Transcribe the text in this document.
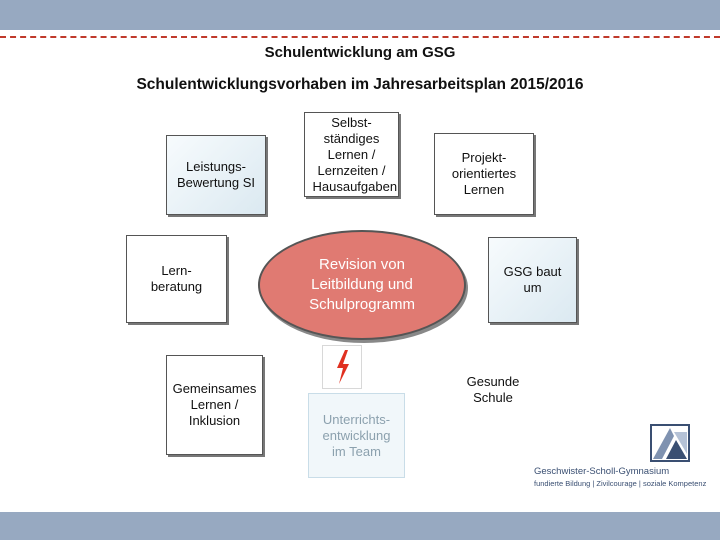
Schulentwicklung am GSG
Schulentwicklungsvorhaben im Jahresarbeitsplan 2015/2016
Leistungs-Bewertung SI
Selbst-ständiges Lernen / Lernzeiten / Hausaufgaben
Projekt-orientiertes Lernen
Lern-beratung
Revision von Leitbildung und Schulprogramm
GSG baut um
Gemeinsames Lernen / Inklusion	Unterrichts-entwicklung im Team
Gesunde Schule
Geschwister-Scholl-Gymnasium
fundierte Bildung | Zivilcourage | soziale Kompetenz
